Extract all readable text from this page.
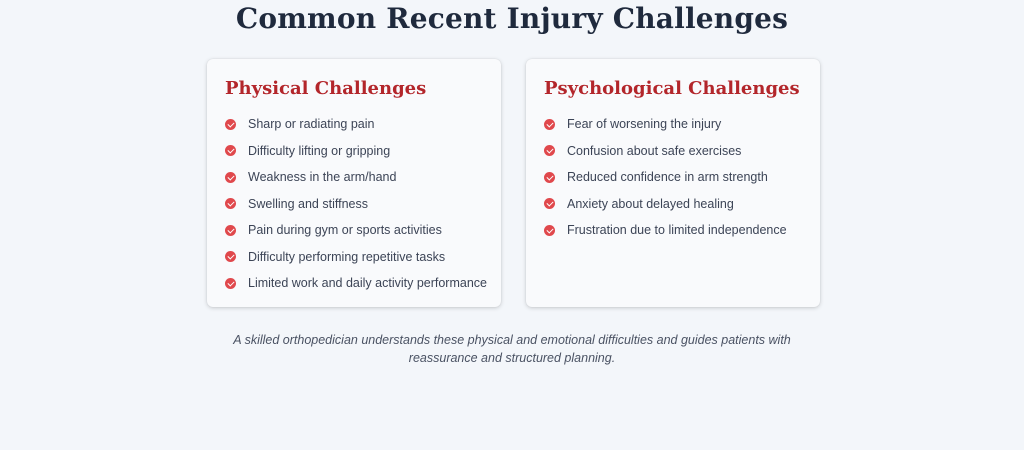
Common Recent Injury Challenges
Physical Challenges
Sharp or radiating pain
Difficulty lifting or gripping
Weakness in the arm/hand
Swelling and stiffness
Pain during gym or sports activities
Difficulty performing repetitive tasks
Limited work and daily activity performance
Psychological Challenges
Fear of worsening the injury
Confusion about safe exercises
Reduced confidence in arm strength
Anxiety about delayed healing
Frustration due to limited independence

A skilled orthopedician understands these physical and emotional difficulties and guides patients with reassurance and structured planning.
